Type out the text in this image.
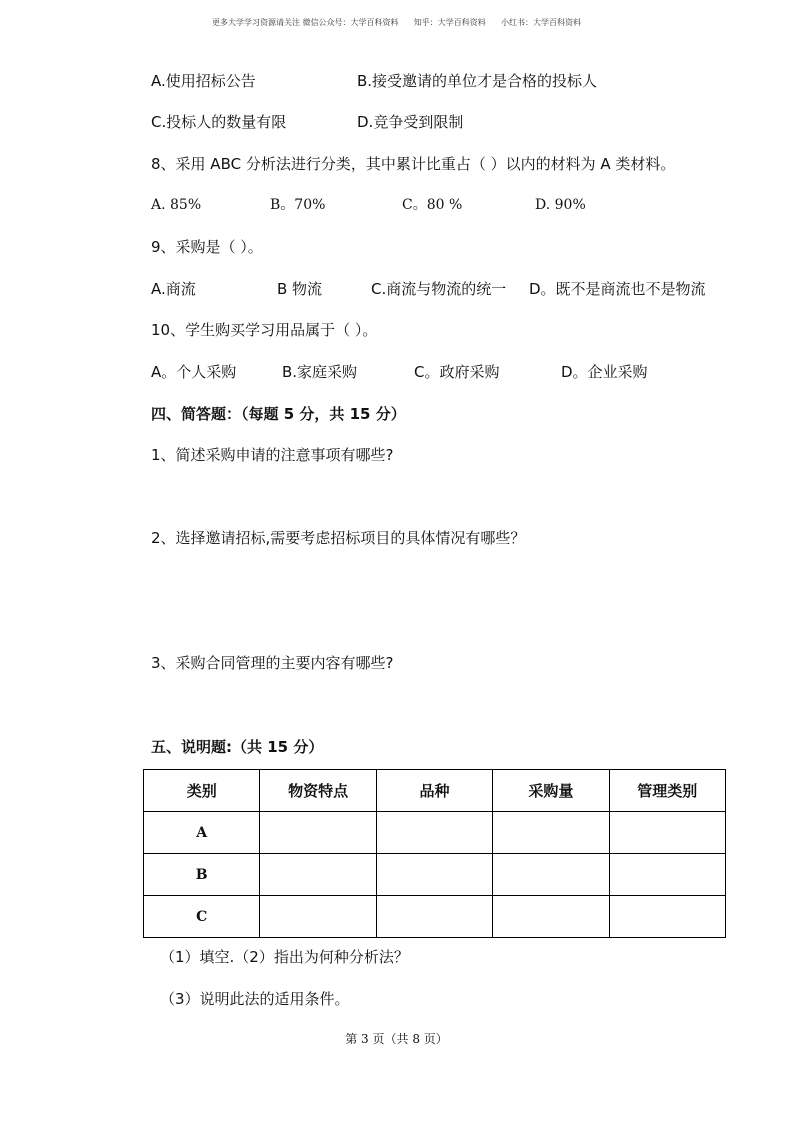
更多大学学习资源请关注 微信公众号：大学百科资料      知乎：大学百科资料      小红书：大学百科资料
A.使用招标公告	B.接受邀请的单位才是合格的投标人
C.投标人的数量有限	D.竞争受到限制
8、采用 ABC 分析法进行分类，其中累计比重占（ ）以内的材料为 A 类材料。
A. 85%	B。70%	C。80 %	D. 90%
9、采购是（ ）。
A.商流	B 物流	C.商流与物流的统一 D。既不是商流也不是物流
10、学生购买学习用品属于（ ）。
A。个人采购	B.家庭采购	C。政府采购	D。企业采购
四、简答题：（每题 5 分，共 15 分）
1、简述采购申请的注意事项有哪些?
2、选择邀请招标,需要考虑招标项目的具体情况有哪些？
3、采购合同管理的主要内容有哪些?
五、说明题:（共 15 分）
类别	物资特点	品种	采购量	管理类别
A				
B				
C				
（1）填空.（2）指出为何种分析法？
（3）说明此法的适用条件。
第 3 页（共 8 页）
